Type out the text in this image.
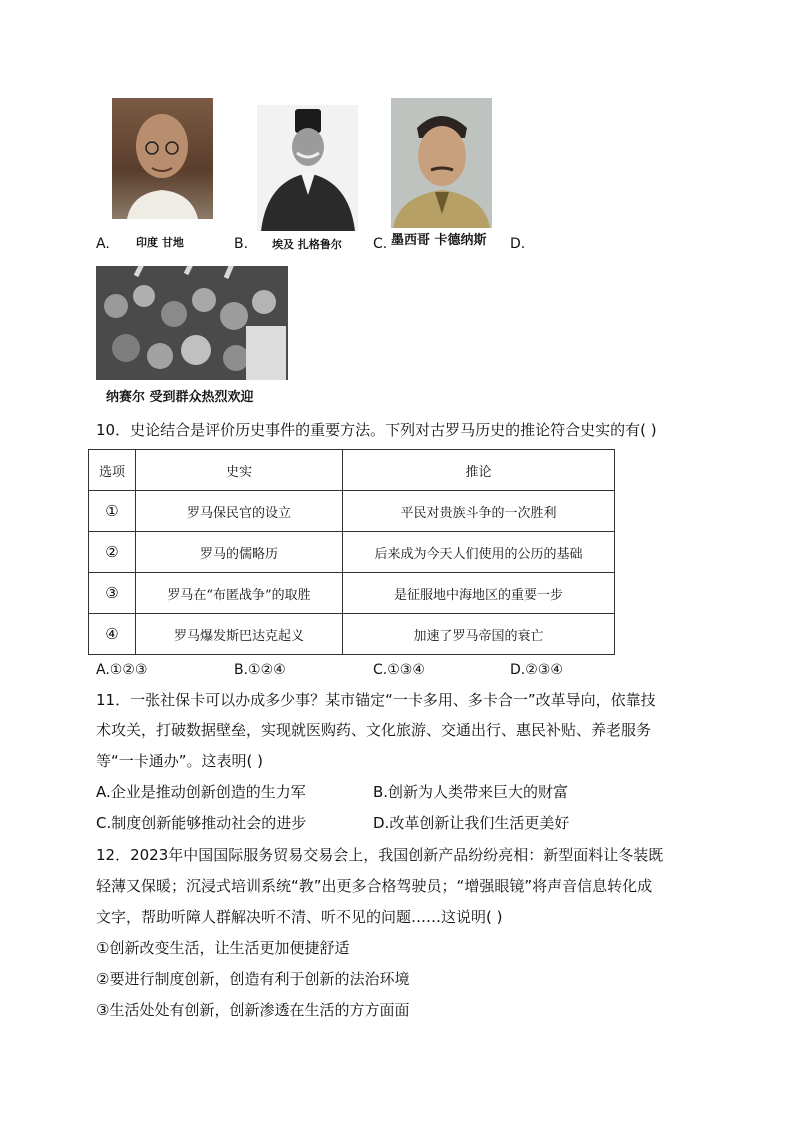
A. 印度 甘地	B. 埃及 扎格鲁尔 C. 墨西哥 卡德纳斯 D.
纳赛尔 受到群众热烈欢迎
10．史论结合是评价历史事件的重要方法。下列对古罗马历史的推论符合史实的有( )
选项	史实	推论
①	罗马保民官的设立	平民对贵族斗争的一次胜利
②	罗马的儒略历	后来成为今天人们使用的公历的基础
③	罗马在“布匿战争”的取胜	是征服地中海地区的重要一步
④	罗马爆发斯巴达克起义	加速了罗马帝国的衰亡
A.①②③	B.①②④	C.①③④	D.②③④
11．一张社保卡可以办成多少事？某市锚定“一卡多用、多卡合一”改革导向，依靠技
术攻关，打破数据壁垒，实现就医购药、文化旅游、交通出行、惠民补贴、养老服务
等“一卡通办”。这表明( )
A.企业是推动创新创造的生力军	B.创新为人类带来巨大的财富
C.制度创新能够推动社会的进步	D.改革创新让我们生活更美好
12．2023年中国国际服务贸易交易会上，我国创新产品纷纷亮相：新型面料让冬装既
轻薄又保暖；沉浸式培训系统“教”出更多合格驾驶员；“增强眼镜”将声音信息转化成
文字，帮助听障人群解决听不清、听不见的问题……这说明( )
①创新改变生活，让生活更加便捷舒适
②要进行制度创新，创造有利于创新的法治环境
③生活处处有创新，创新渗透在生活的方方面面
